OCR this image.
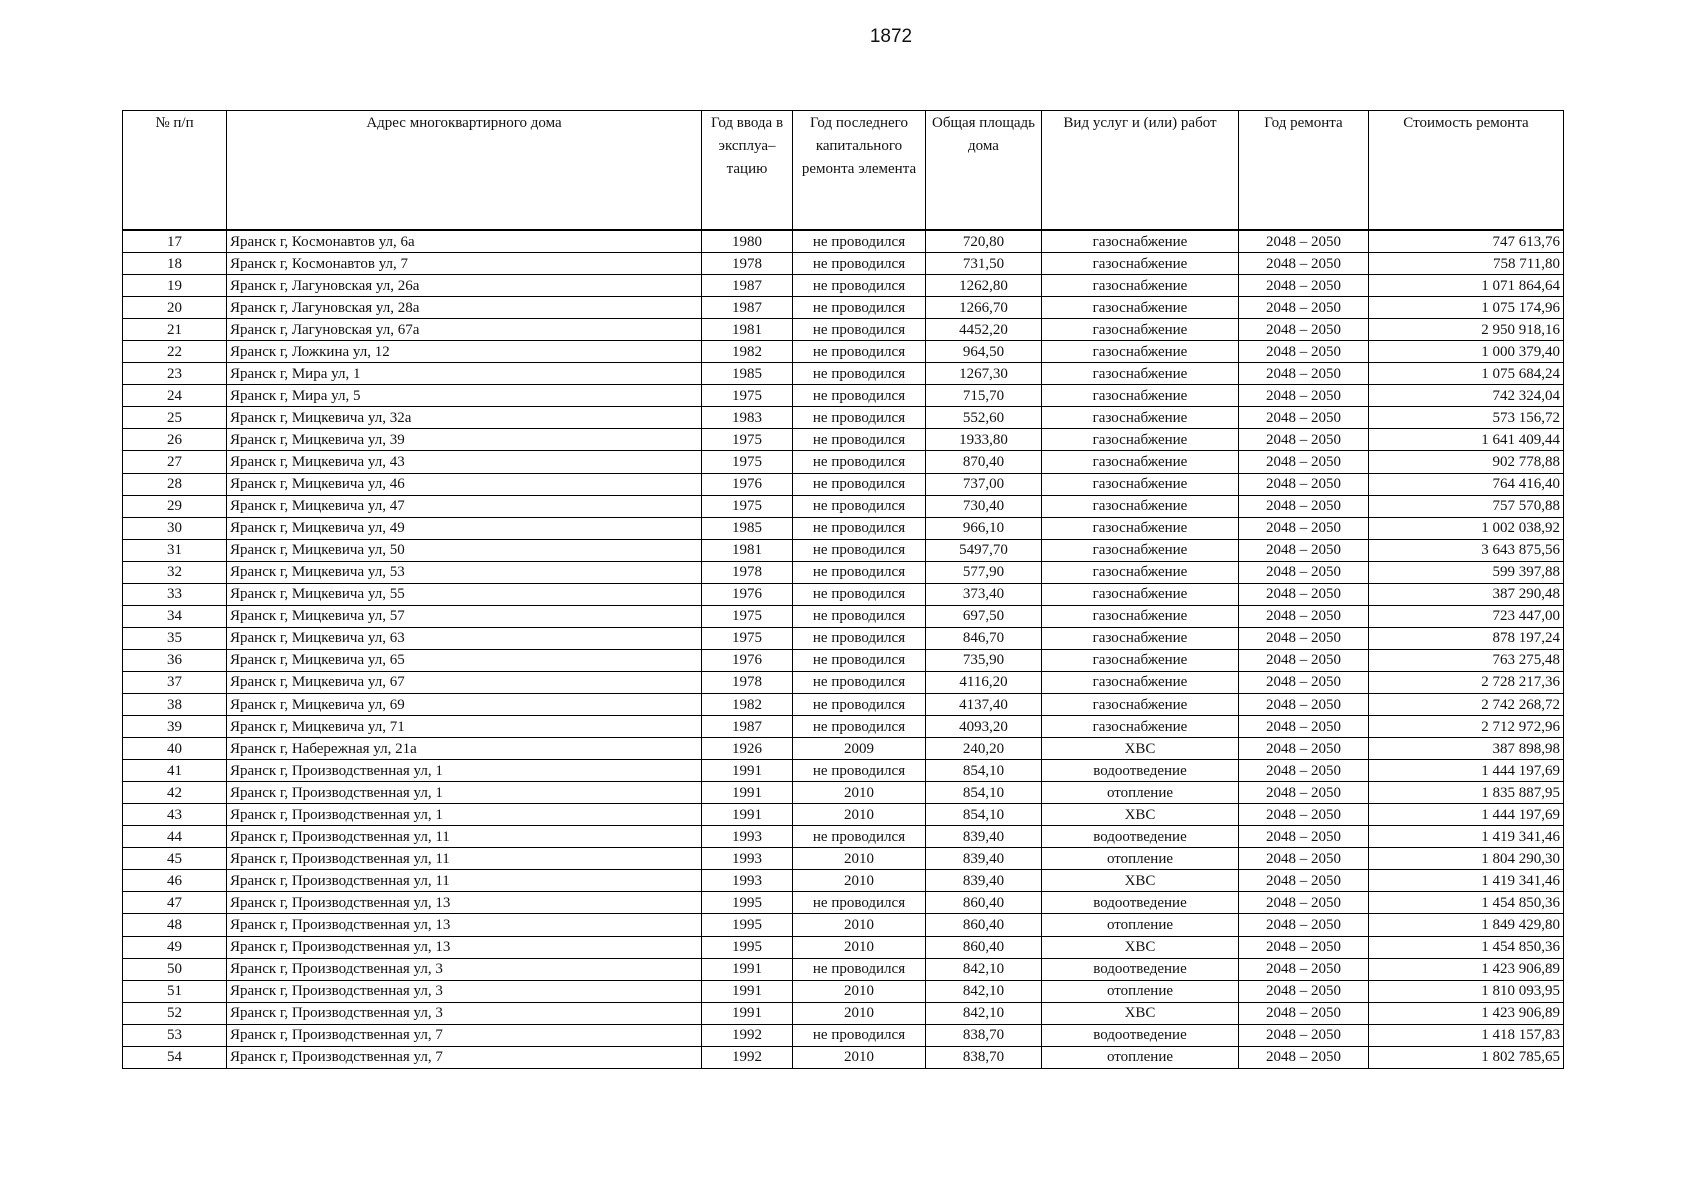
1872
№ п/п	Адрес многоквартирного дома	Год ввода в эксплуа–тацию	Год последнего капитального ремонта элемента	Общая площадь дома	Вид услуг и (или) работ	Год ремонта	Стоимость ремонта
17	Яранск г, Космонавтов ул, 6а	1980	не проводился	720,80	газоснабжение	2048 – 2050	747 613,76
18	Яранск г, Космонавтов ул, 7	1978	не проводился	731,50	газоснабжение	2048 – 2050	758 711,80
19	Яранск г, Лагуновская ул, 26а	1987	не проводился	1262,80	газоснабжение	2048 – 2050	1 071 864,64
20	Яранск г, Лагуновская ул, 28а	1987	не проводился	1266,70	газоснабжение	2048 – 2050	1 075 174,96
21	Яранск г, Лагуновская ул, 67а	1981	не проводился	4452,20	газоснабжение	2048 – 2050	2 950 918,16
22	Яранск г, Ложкина ул, 12	1982	не проводился	964,50	газоснабжение	2048 – 2050	1 000 379,40
23	Яранск г, Мира ул, 1	1985	не проводился	1267,30	газоснабжение	2048 – 2050	1 075 684,24
24	Яранск г, Мира ул, 5	1975	не проводился	715,70	газоснабжение	2048 – 2050	742 324,04
25	Яранск г, Мицкевича ул, 32а	1983	не проводился	552,60	газоснабжение	2048 – 2050	573 156,72
26	Яранск г, Мицкевича ул, 39	1975	не проводился	1933,80	газоснабжение	2048 – 2050	1 641 409,44
27	Яранск г, Мицкевича ул, 43	1975	не проводился	870,40	газоснабжение	2048 – 2050	902 778,88
28	Яранск г, Мицкевича ул, 46	1976	не проводился	737,00	газоснабжение	2048 – 2050	764 416,40
29	Яранск г, Мицкевича ул, 47	1975	не проводился	730,40	газоснабжение	2048 – 2050	757 570,88
30	Яранск г, Мицкевича ул, 49	1985	не проводился	966,10	газоснабжение	2048 – 2050	1 002 038,92
31	Яранск г, Мицкевича ул, 50	1981	не проводился	5497,70	газоснабжение	2048 – 2050	3 643 875,56
32	Яранск г, Мицкевича ул, 53	1978	не проводился	577,90	газоснабжение	2048 – 2050	599 397,88
33	Яранск г, Мицкевича ул, 55	1976	не проводился	373,40	газоснабжение	2048 – 2050	387 290,48
34	Яранск г, Мицкевича ул, 57	1975	не проводился	697,50	газоснабжение	2048 – 2050	723 447,00
35	Яранск г, Мицкевича ул, 63	1975	не проводился	846,70	газоснабжение	2048 – 2050	878 197,24
36	Яранск г, Мицкевича ул, 65	1976	не проводился	735,90	газоснабжение	2048 – 2050	763 275,48
37	Яранск г, Мицкевича ул, 67	1978	не проводился	4116,20	газоснабжение	2048 – 2050	2 728 217,36
38	Яранск г, Мицкевича ул, 69	1982	не проводился	4137,40	газоснабжение	2048 – 2050	2 742 268,72
39	Яранск г, Мицкевича ул, 71	1987	не проводился	4093,20	газоснабжение	2048 – 2050	2 712 972,96
40	Яранск г, Набережная ул, 21а	1926	2009	240,20	ХВС	2048 – 2050	387 898,98
41	Яранск г, Производственная ул, 1	1991	не проводился	854,10	водоотведение	2048 – 2050	1 444 197,69
42	Яранск г, Производственная ул, 1	1991	2010	854,10	отопление	2048 – 2050	1 835 887,95
43	Яранск г, Производственная ул, 1	1991	2010	854,10	ХВС	2048 – 2050	1 444 197,69
44	Яранск г, Производственная ул, 11	1993	не проводился	839,40	водоотведение	2048 – 2050	1 419 341,46
45	Яранск г, Производственная ул, 11	1993	2010	839,40	отопление	2048 – 2050	1 804 290,30
46	Яранск г, Производственная ул, 11	1993	2010	839,40	ХВС	2048 – 2050	1 419 341,46
47	Яранск г, Производственная ул, 13	1995	не проводился	860,40	водоотведение	2048 – 2050	1 454 850,36
48	Яранск г, Производственная ул, 13	1995	2010	860,40	отопление	2048 – 2050	1 849 429,80
49	Яранск г, Производственная ул, 13	1995	2010	860,40	ХВС	2048 – 2050	1 454 850,36
50	Яранск г, Производственная ул, 3	1991	не проводился	842,10	водоотведение	2048 – 2050	1 423 906,89
51	Яранск г, Производственная ул, 3	1991	2010	842,10	отопление	2048 – 2050	1 810 093,95
52	Яранск г, Производственная ул, 3	1991	2010	842,10	ХВС	2048 – 2050	1 423 906,89
53	Яранск г, Производственная ул, 7	1992	не проводился	838,70	водоотведение	2048 – 2050	1 418 157,83
54	Яранск г, Производственная ул, 7	1992	2010	838,70	отопление	2048 – 2050	1 802 785,65
